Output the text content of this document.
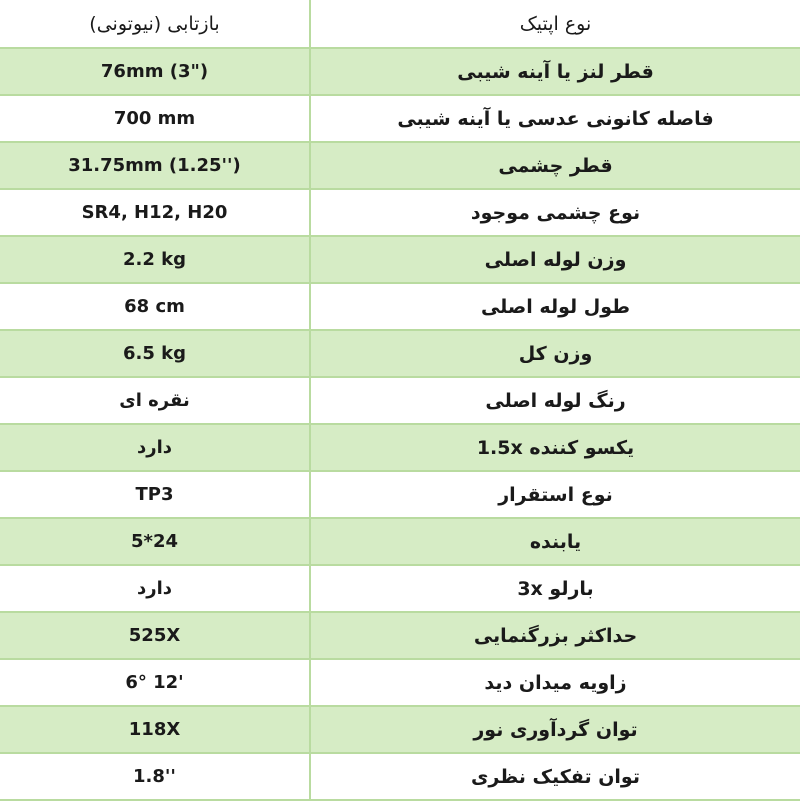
بازتابی (نیوتونی)	نوع اپتیک
76mm (3")	قطر لنز یا آینه شیبی
700 mm	فاصله کانونی عدسی یا آینه شیبی
31.75mm (1.25'')	قطر چشمی
SR4, H12, H20	نوع چشمی موجود
2.2 kg	وزن لوله اصلی
68 cm	طول لوله اصلی
6.5 kg	وزن کل
نقره ای	رنگ لوله اصلی
دارد	یکسو کننده 1.5x
TP3	نوع استقرار
5*24	یابنده
دارد	بارلو 3x
525X	حداکثر بزرگنمایی
6° 12'	زاویه میدان دید
118X	توان گردآوری نور
1.8''	توان تفکیک نظری
